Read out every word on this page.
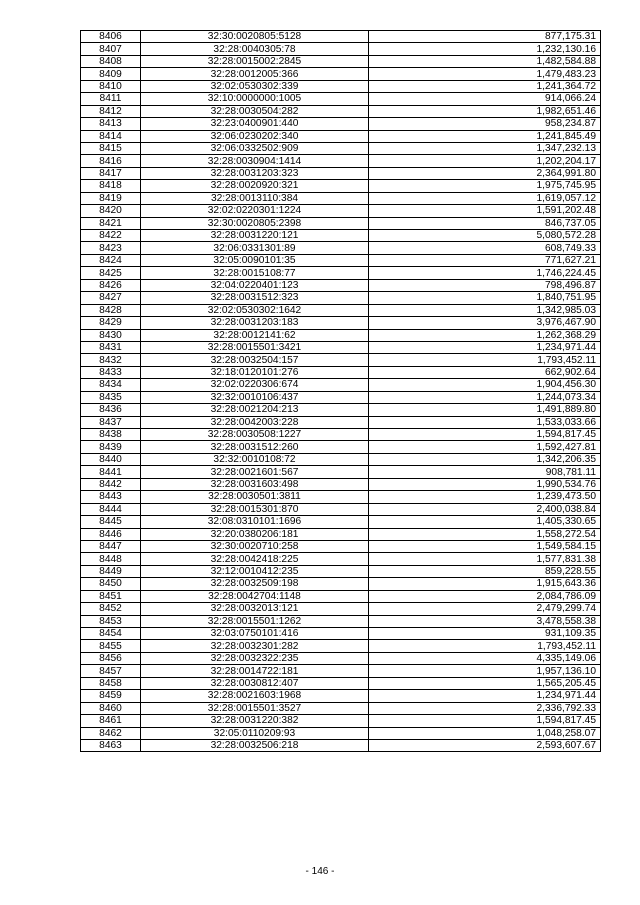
8406	32:30:0020805:5128	877,175.31
8407	32:28:0040305:78	1,232,130.16
8408	32:28:0015002:2845	1,482,584.88
8409	32:28:0012005:366	1,479,483.23
8410	32:02:0530302:339	1,241,364.72
8411	32:10:0000000:1005	914,066.24
8412	32:28:0030504:282	1,982,651.46
8413	32:23:0400901:440	958,234.87
8414	32:06:0230202:340	1,241,845.49
8415	32:06:0332502:909	1,347,232.13
8416	32:28:0030904:1414	1,202,204.17
8417	32:28:0031203:323	2,364,991.80
8418	32:28:0020920:321	1,975,745.95
8419	32:28:0013110:384	1,619,057.12
8420	32:02:0220301:1224	1,591,202.48
8421	32:30:0020805:2398	846,737.05
8422	32:28:0031220:121	5,080,572.28
8423	32:06:0331301:89	608,749.33
8424	32:05:0090101:35	771,627.21
8425	32:28:0015108:77	1,746,224.45
8426	32:04:0220401:123	798,496.87
8427	32:28:0031512:323	1,840,751.95
8428	32:02:0530302:1642	1,342,985.03
8429	32:28:0031203:183	3,976,467.90
8430	32:28:0012141:62	1,262,368.29
8431	32:28:0015501:3421	1,234,971.44
8432	32:28:0032504:157	1,793,452.11
8433	32:18:0120101:276	662,902.64
8434	32:02:0220306:674	1,904,456.30
8435	32:32:0010106:437	1,244,073.34
8436	32:28:0021204:213	1,491,889.80
8437	32:28:0042003:228	1,533,033.66
8438	32:28:0030508:1227	1,594,817.45
8439	32:28:0031512:260	1,592,427.81
8440	32:32:0010108:72	1,342,206.35
8441	32:28:0021601:567	908,781.11
8442	32:28:0031603:498	1,990,534.76
8443	32:28:0030501:3811	1,239,473.50
8444	32:28:0015301:870	2,400,038.84
8445	32:08:0310101:1696	1,405,330.65
8446	32:20:0380206:181	1,558,272.54
8447	32:30:0020710:258	1,549,584.15
8448	32:28:0042418:225	1,577,831.38
8449	32:12:0010412:235	859,228.55
8450	32:28:0032509:198	1,915,643.36
8451	32:28:0042704:1148	2,084,786.09
8452	32:28:0032013:121	2,479,299.74
8453	32:28:0015501:1262	3,478,558.38
8454	32:03:0750101:416	931,109.35
8455	32:28:0032301:282	1,793,452.11
8456	32:28:0032322:235	4,335,149.06
8457	32:28:0014722:181	1,957,136.10
8458	32:28:0030812:407	1,565,205.45
8459	32:28:0021603:1968	1,234,971.44
8460	32:28:0015501:3527	2,336,792.33
8461	32:28:0031220:382	1,594,817.45
8462	32:05:0110209:93	1,048,258.07
8463	32:28:0032506:218	2,593,607.67
- 146 -
